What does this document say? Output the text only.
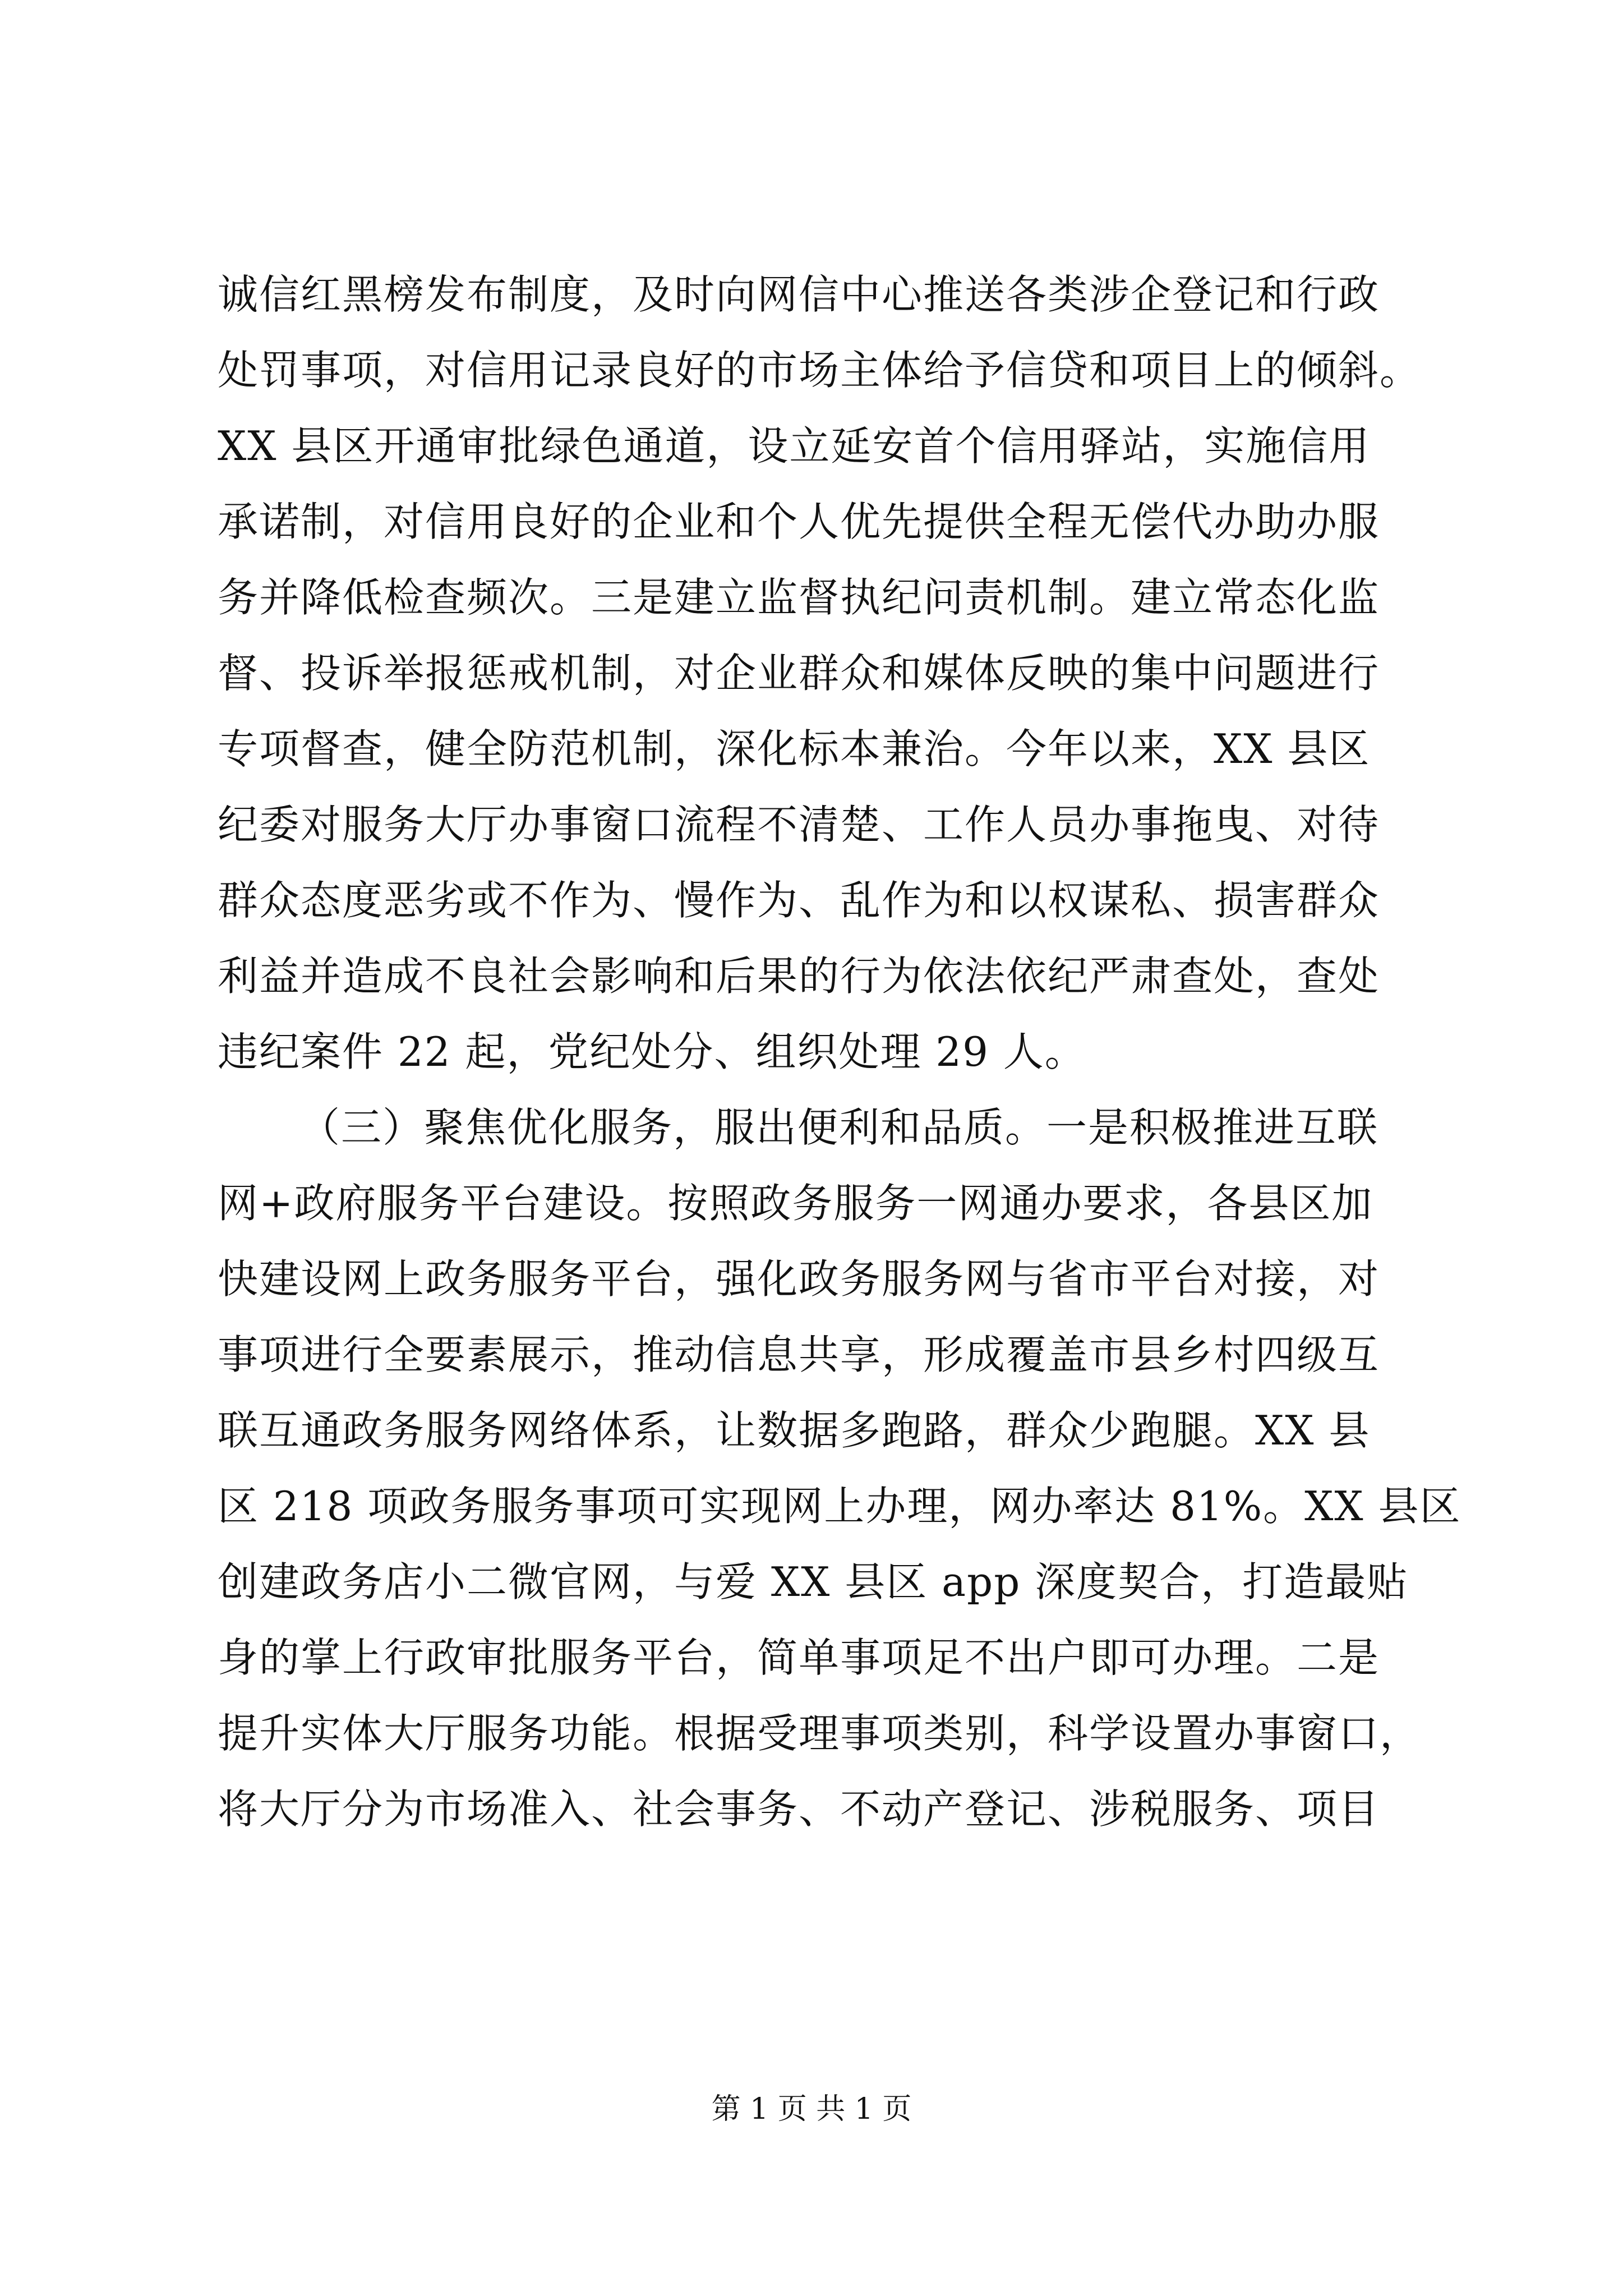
诚信红黑榜发布制度，及时向网信中心推送各类涉企登记和行政
处罚事项，对信用记录良好的市场主体给予信贷和项目上的倾斜。
XX 县区开通审批绿色通道，设立延安首个信用驿站，实施信用
承诺制，对信用良好的企业和个人优先提供全程无偿代办助办服
务并降低检查频次。三是建立监督执纪问责机制。建立常态化监
督、投诉举报惩戒机制，对企业群众和媒体反映的集中问题进行
专项督查，健全防范机制，深化标本兼治。今年以来，XX 县区
纪委对服务大厅办事窗口流程不清楚、工作人员办事拖曳、对待
群众态度恶劣或不作为、慢作为、乱作为和以权谋私、损害群众
利益并造成不良社会影响和后果的行为依法依纪严肃查处，查处
违纪案件 22 起，党纪处分、组织处理 29 人。
（三）聚焦优化服务，服出便利和品质。一是积极推进互联
网+政府服务平台建设。按照政务服务一网通办要求，各县区加
快建设网上政务服务平台，强化政务服务网与省市平台对接，对
事项进行全要素展示，推动信息共享，形成覆盖市县乡村四级互
联互通政务服务网络体系，让数据多跑路，群众少跑腿。XX 县
区 218 项政务服务事项可实现网上办理，网办率达 81%。XX 县区
创建政务店小二微官网，与爱 XX 县区 app 深度契合，打造最贴
身的掌上行政审批服务平台，简单事项足不出户即可办理。二是
提升实体大厅服务功能。根据受理事项类别，科学设置办事窗口，
将大厅分为市场准入、社会事务、不动产登记、涉税服务、项目
第 1 页 共 1 页
